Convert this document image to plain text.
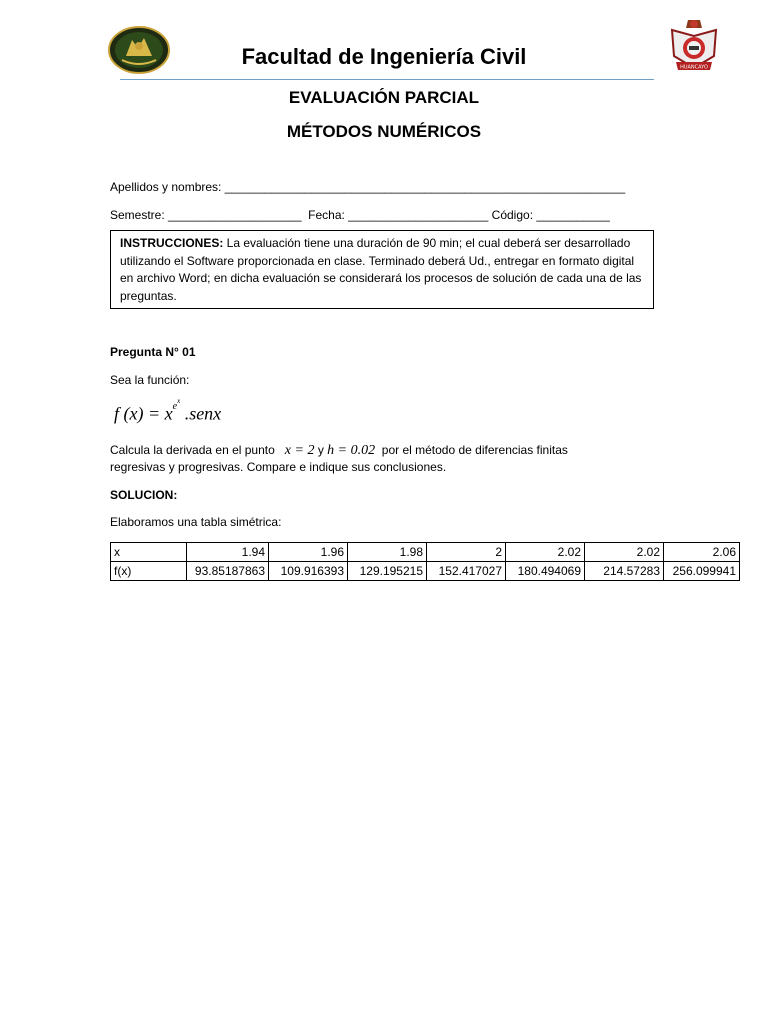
HUANCAYO
Facultad de Ingeniería Civil
EVALUACIÓN PARCIAL
MÉTODOS NUMÉRICOS
Apellidos y nombres: ____________________________________________________________
Semestre: ____________________  Fecha: _____________________ Código: ___________
INSTRUCCIONES: La evaluación tiene una duración de 90 min; el cual deberá ser desarrollado utilizando el Software proporcionada en clase. Terminado deberá Ud., entregar en formato digital en archivo Word; en dicha evaluación se considerará los procesos de solución de cada una de las preguntas.
Pregunta N° 01
Sea la función:
f $(x) = x^{e^x}$ .senx
Calcula la derivada en el punto x = 2 y h = 0.02 por el método de diferencias finitas
regresivas y progresivas. Compare e indique sus conclusiones.
SOLUCION:
Elaboramos una tabla simétrica:
x	1.94	1.96	1.98	2	2.02	2.02	2.06
f(x)	93.85187863	109.916393	129.195215	152.417027	180.494069	214.57283	256.099941
